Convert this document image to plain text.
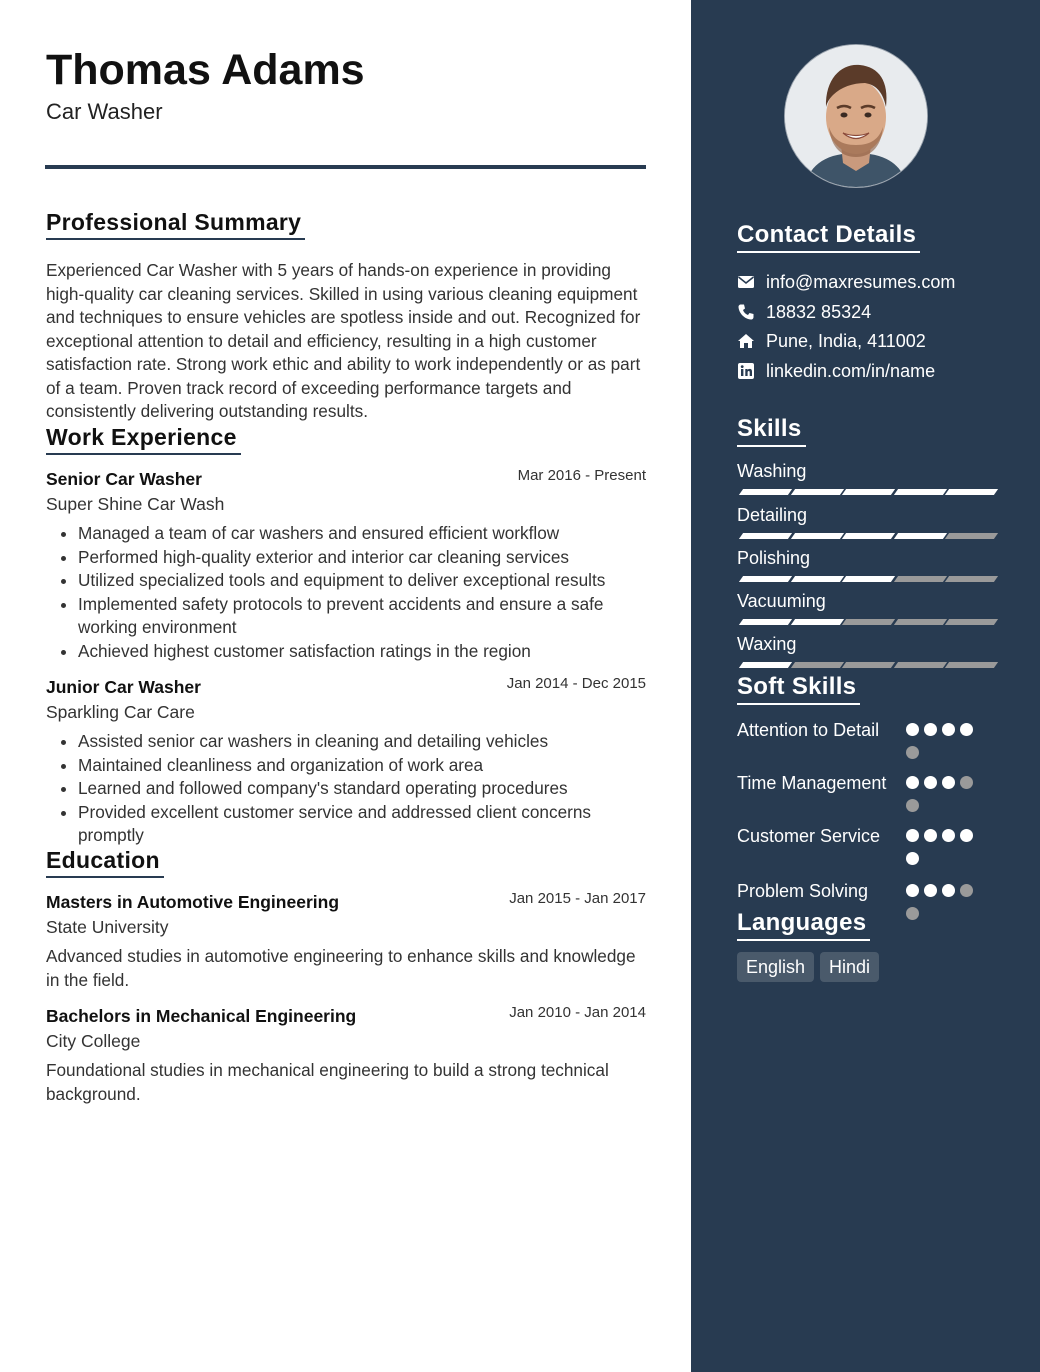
Thomas Adams
Car Washer
Professional Summary

Experienced Car Washer with 5 years of hands-on experience in providing high-quality car cleaning services. Skilled in using various cleaning equipment and techniques to ensure vehicles are spotless inside and out. Recognized for exceptional attention to detail and efficiency, resulting in a high customer satisfaction rate. Strong work ethic and ability to work independently or as part of a team. Proven track record of exceeding performance targets and consistently delivering outstanding results.

Work Experience
Senior Car Washer	Mar 2016 - Present
Super Shine Car Wash
• Managed a team of car washers and ensured efficient workflow
• Performed high-quality exterior and interior car cleaning services
• Utilized specialized tools and equipment to deliver exceptional results
• Implemented safety protocols to prevent accidents and ensure a safe working environment
• Achieved highest customer satisfaction ratings in the region
Junior Car Washer	Jan 2014 - Dec 2015
Sparkling Car Care
• Assisted senior car washers in cleaning and detailing vehicles
• Maintained cleanliness and organization of work area
• Learned and followed company's standard operating procedures
• Provided excellent customer service and addressed client concerns promptly
Education
Masters in Automotive Engineering	Jan 2015 - Jan 2017
State University
Advanced studies in automotive engineering to enhance skills and knowledge in the field.
Bachelors in Mechanical Engineering	Jan 2010 - Jan 2014
City College
Foundational studies in mechanical engineering to build a strong technical background.
Contact Details
info@maxresumes.com
18832 85324
Pune, India, 411002
linkedin.com/in/name
Skills
Washing
Detailing
Polishing
Vacuuming
Waxing
Soft Skills
Attention to Detail
Time Management
Customer Service
Problem Solving
Languages
English	Hindi
